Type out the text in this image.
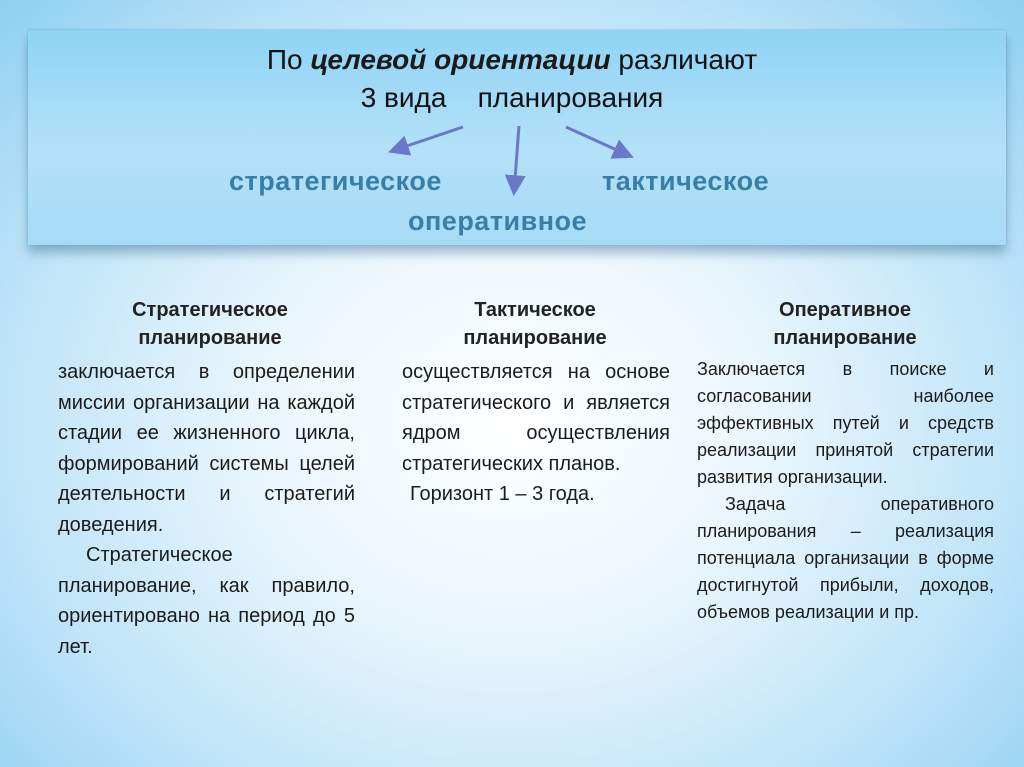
По целевой ориентации различают
3 вида    планирования
стратегическое	тактическое
оперативное
Стратегическое
планирование

заключается в определении миссии организации на каждой стадии ее жизненного цикла, формирований системы целей деятельности и стратегий доведения.

Стратегическое планирование, как правило, ориентировано на период до 5 лет.

Тактическое
планирование

осуществляется на основе стратегического и является ядром осуществления стратегических планов.

Горизонт 1 – 3 года.

Оперативное
планирование

Заключается в поиске и согласовании наиболее эффективных путей и средств реализации принятой стратегии развития организации.

Задача оперативного планирования – реализация потенциала организации в форме достигнутой прибыли, доходов, объемов реализации и пр.
